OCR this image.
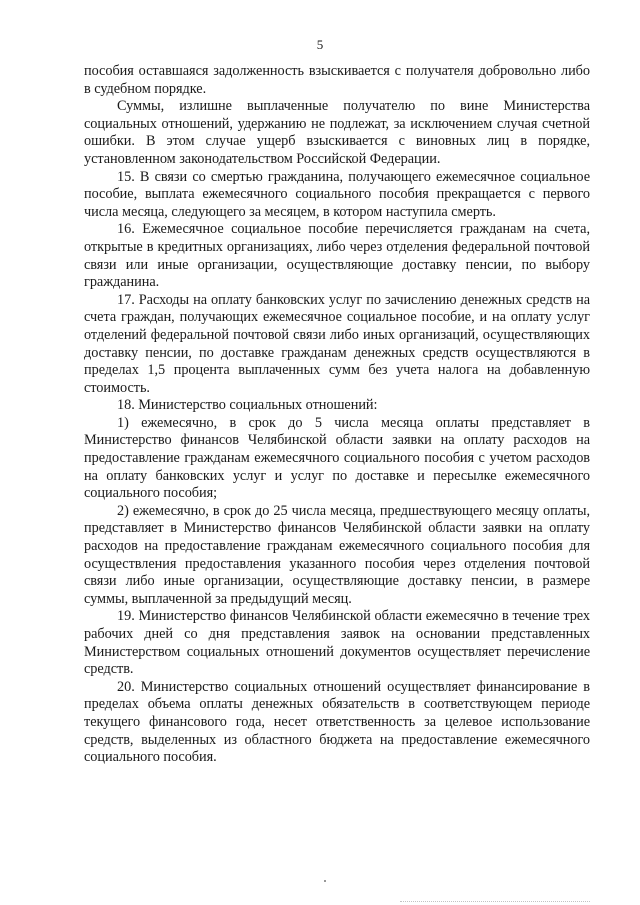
5

пособия оставшаяся задолженность взыскивается с получателя добровольно либо в судебном порядке.

Суммы, излишне выплаченные получателю по вине Министерства социальных отношений, удержанию не подлежат, за исключением случая счетной ошибки. В этом случае ущерб взыскивается с виновных лиц в порядке, установленном законодательством Российской Федерации.

15. В связи со смертью гражданина, получающего ежемесячное социальное пособие, выплата ежемесячного социального пособия прекращается с первого числа месяца, следующего за месяцем, в котором наступила смерть.

16. Ежемесячное социальное пособие перечисляется гражданам на счета, открытые в кредитных организациях, либо через отделения федеральной почтовой связи или иные организации, осуществляющие доставку пенсии, по выбору гражданина.

17. Расходы на оплату банковских услуг по зачислению денежных средств на счета граждан, получающих ежемесячное социальное пособие, и на оплату услуг отделений федеральной почтовой связи либо иных организаций, осуществляющих доставку пенсии, по доставке гражданам денежных средств осуществляются в пределах 1,5 процента выплаченных сумм без учета налога на добавленную стоимость.

18. Министерство социальных отношений:

1) ежемесячно, в срок до 5 числа месяца оплаты представляет в Министерство финансов Челябинской области заявки на оплату расходов на предоставление гражданам ежемесячного социального пособия с учетом расходов на оплату банковских услуг и услуг по доставке и пересылке ежемесячного социального пособия;

2) ежемесячно, в срок до 25 числа месяца, предшествующего месяцу оплаты, представляет в Министерство финансов Челябинской области заявки на оплату расходов на предоставление гражданам ежемесячного социального пособия для осуществления предоставления указанного пособия через отделения почтовой связи либо иные организации, осуществляющие доставку пенсии, в размере суммы, выплаченной за предыдущий месяц.

19. Министерство финансов Челябинской области ежемесячно в течение трех рабочих дней со дня представления заявок на основании представленных Министерством социальных отношений документов осуществляет перечисление средств.

20. Министерство социальных отношений осуществляет финансирование в пределах объема оплаты денежных обязательств в соответствующем периоде текущего финансового года, несет ответственность за целевое использование средств, выделенных из областного бюджета на предоставление ежемесячного социального пособия.
